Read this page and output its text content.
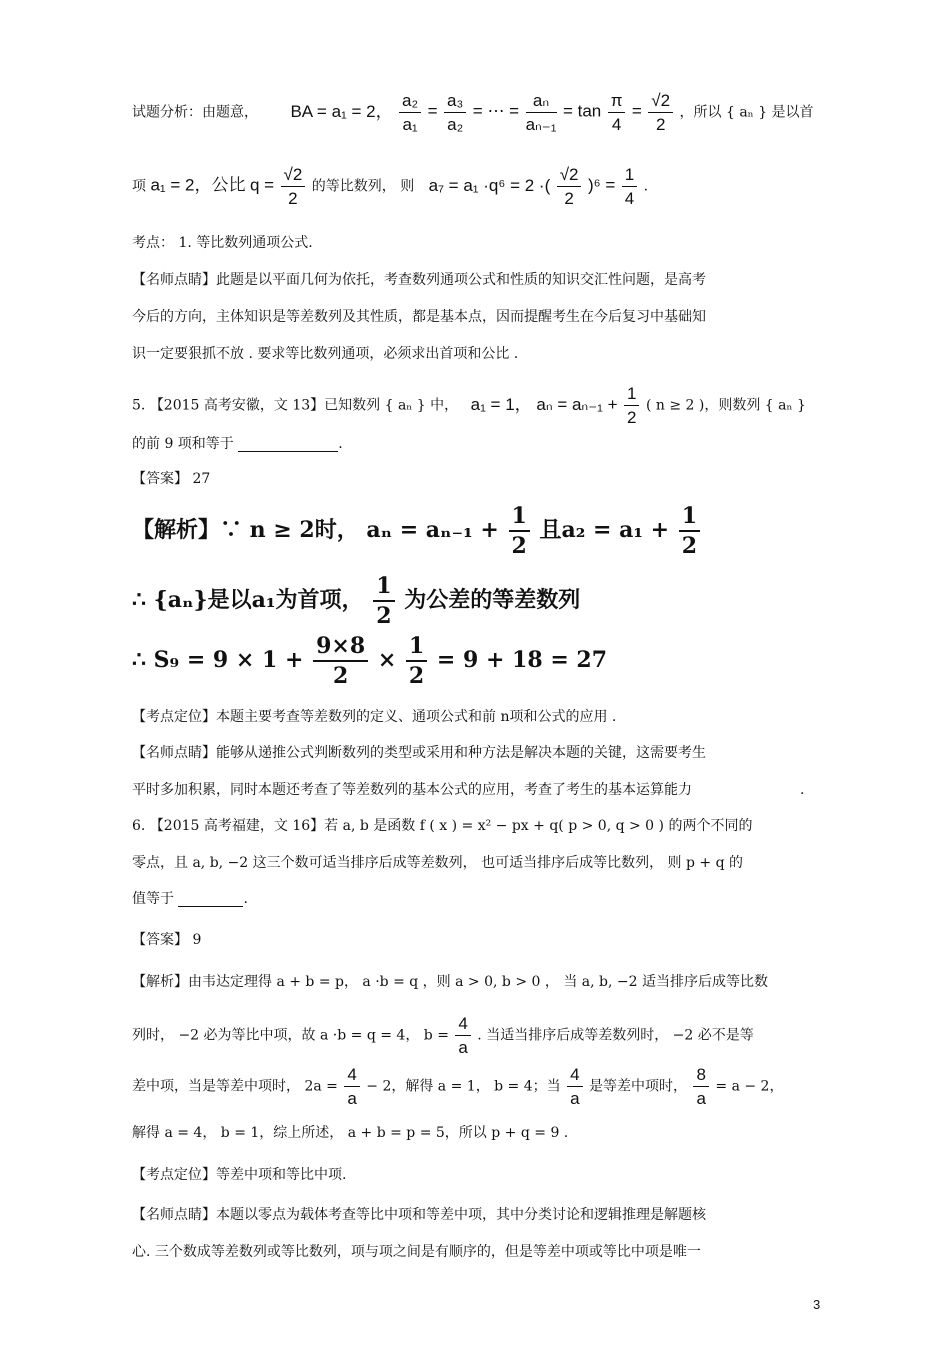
试题分析：由题意， BA = a₁ = 2， $\frac{\text{a₂}}{\text{a₁}} = \frac{\text{a₃}}{\text{a₂}}$ = ⋯ = $\frac{\text{aₙ}}{\text{aₙ₋₁}} = \tan \frac{\pi}{4} = \frac{√2}{2}$ ，所以 { aₙ } 是以首
项 a₁ = 2，公比 $q = \frac{√2}{2}$ 的等比数列， 则 a₇ = a₁ ·q⁶ = 2 ·( $\frac{√2}{2} )^6 = \frac{1}{4}$ .
考点： 1. 等比数列通项公式.
【名师点睛】此题是以平面几何为依托，考查数列通项公式和性质的知识交汇性问题，是高考
今后的方向，主体知识是等差数列及其性质，都是基本点，因而提醒考生在今后复习中基础知
识一定要狠抓不放 . 要求等比数列通项，必须求出首项和公比 .
5. 【2015 高考安徽，文 13】已知数列 { aₙ } 中， a₁ = 1， $a_n = a_{n-1} + \frac{1}{2}$ ( n ≥ 2 )，则数列 { aₙ }
的前 9 项和等于	.
【答案】 27
【解析】∵ n ≥ 2时， $a_n = a_{n-1} + \frac{1}{2}$ 且$a_2 = a_1 + \frac{1}{2}$
∴ {aₙ}是以a₁为首项， $\frac{1}{2}$ 为公差的等差数列
∴ $S_9 = 9 \times 1 + \frac{9\times 8}{2} \times \frac{1}{2} = 9 + 18 = 27$
【考点定位】本题主要考查等差数列的定义、通项公式和前 n项和公式的应用 .
【名师点睛】能够从递推公式判断数列的类型或采用和种方法是解决本题的关键，这需要考生
平时多加积累，同时本题还考查了等差数列的基本公式的应用，考查了考生的基本运算能力	.
6. 【2015 高考福建，文 16】若 a, b 是函数 f ( x ) = x² − px + q( p > 0, q > 0 ) 的两个不同的
零点，且 a, b, −2 这三个数可适当排序后成等差数列， 也可适当排序后成等比数列， 则 p + q 的
值等于	.
【答案】 9
【解析】由韦达定理得 a + b = p， a ·b = q ，则 a > 0, b > 0 ， 当 a, b, −2 适当排序后成等比数
列时， −2 必为等比中项，故 a ·b = q = 4， $b = \frac{4}{a}$ . 当适当排序后成等差数列时， −2 必不是等
差中项，当是等差中项时， $2a = \frac{4}{a} - 2$，解得 a = 1， b = 4；当 $\frac{4}{a}$ 是等差中项时， $\frac{8}{a} = a - 2$，
解得 a = 4， b = 1，综上所述， a + b = p = 5，所以 p + q = 9 .
【考点定位】等差中项和等比中项.
【名师点睛】本题以零点为载体考查等比中项和等差中项，其中分类讨论和逻辑推理是解题核
心. 三个数成等差数列或等比数列，项与项之间是有顺序的，但是等差中项或等比中项是唯一
3
